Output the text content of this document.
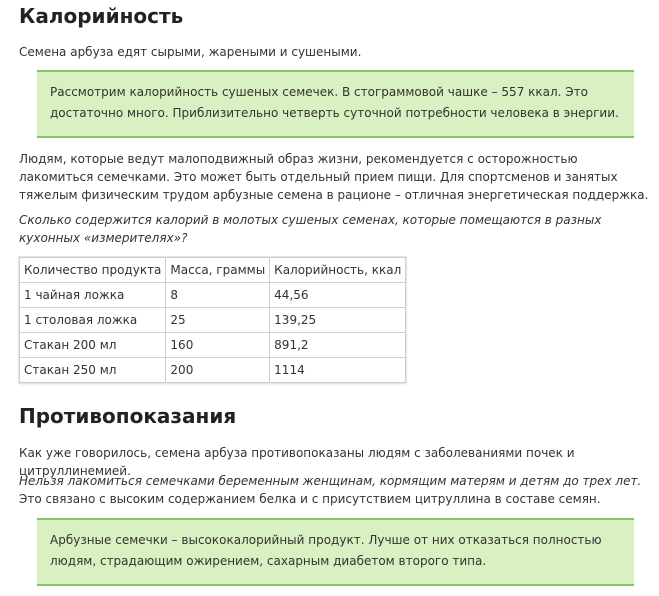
Калорийность

Семена арбуза едят сырыми, жареными и сушеными.

Рассмотрим калорийность сушеных семечек. В стограммовой чашке – 557 ккал. Это достаточно много. Приблизительно четверть суточной потребности человека в энергии.

Людям, которые ведут малоподвижный образ жизни, рекомендуется с осторожностью лакомиться семечками. Это может быть отдельный прием пищи. Для спортсменов и занятых тяжелым физическим трудом арбузные семена в рационе – отличная энергетическая поддержка.

Сколько содержится калорий в молотых сушеных семенах, которые помещаются в разных кухонных «измерителях»?

Количество продукта	Масса, граммы	Калорийность, ккал
1 чайная ложка	8	44,56
1 столовая ложка	25	139,25
Стакан 200 мл	160	891,2
Стакан 250 мл	200	1114
Противопоказания

Как уже говорилось, семена арбуза противопоказаны людям с заболеваниями почек и цитруллинемией.

Нельзя лакомиться семечками беременным женщинам, кормящим матерям и детям до трех лет. Это связано с высоким содержанием белка и с присутствием цитруллина в составе семян.

Арбузные семечки – высококалорийный продукт. Лучше от них отказаться полностью людям, страдающим ожирением, сахарным диабетом второго типа.
